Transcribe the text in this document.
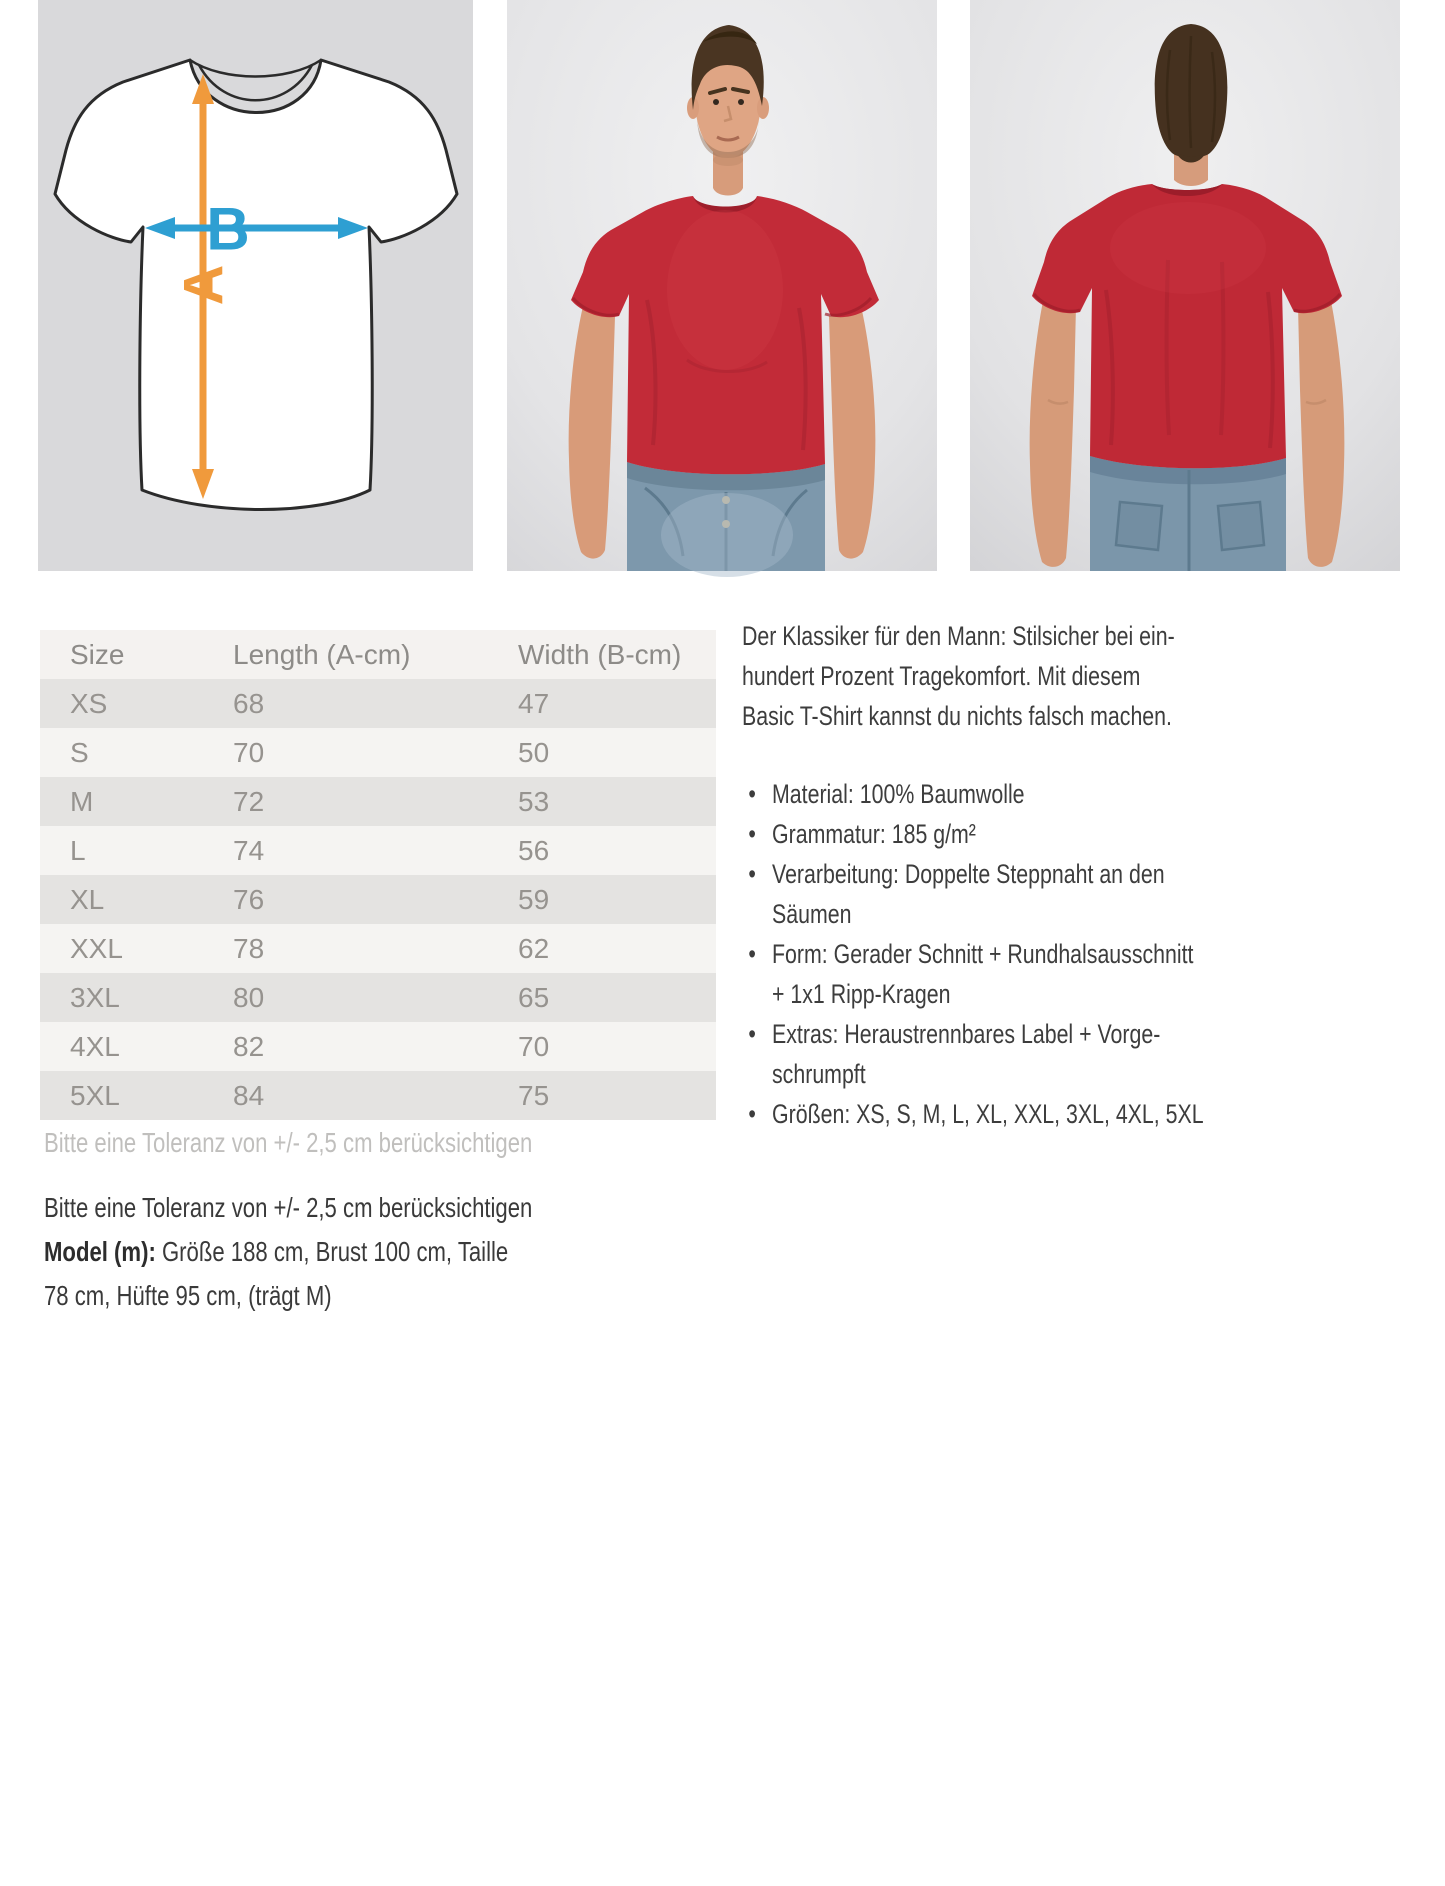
A
B
Size	Length (A-cm)	Width (B-cm)
XS	68	47
S	70	50
M	72	53
L	74	56
XL	76	59
XXL	78	62
3XL	80	65
4XL	82	70
5XL	84	75
Bitte eine Toleranz von +/- 2,5 cm berücksichtigen
Der Klassiker für den Mann: Stilsicher bei ein-
hundert Prozent Tragekomfort. Mit diesem
Basic T-Shirt kannst du nichts falsch machen.
• Material: 100% Baumwolle
• Grammatur: 185 g/m²
• Verarbeitung: Doppelte Steppnaht an den
Säumen
• Form: Gerader Schnitt + Rundhalsausschnitt
+ 1x1 Ripp-Kragen
• Extras: Heraustrennbares Label + Vorge-
schrumpft
• Größen: XS, S, M, L, XL, XXL, 3XL, 4XL, 5XL
Bitte eine Toleranz von +/- 2,5 cm berücksichtigen
Model (m): Größe 188 cm, Brust 100 cm, Taille
78 cm, Hüfte 95 cm, (trägt M)
